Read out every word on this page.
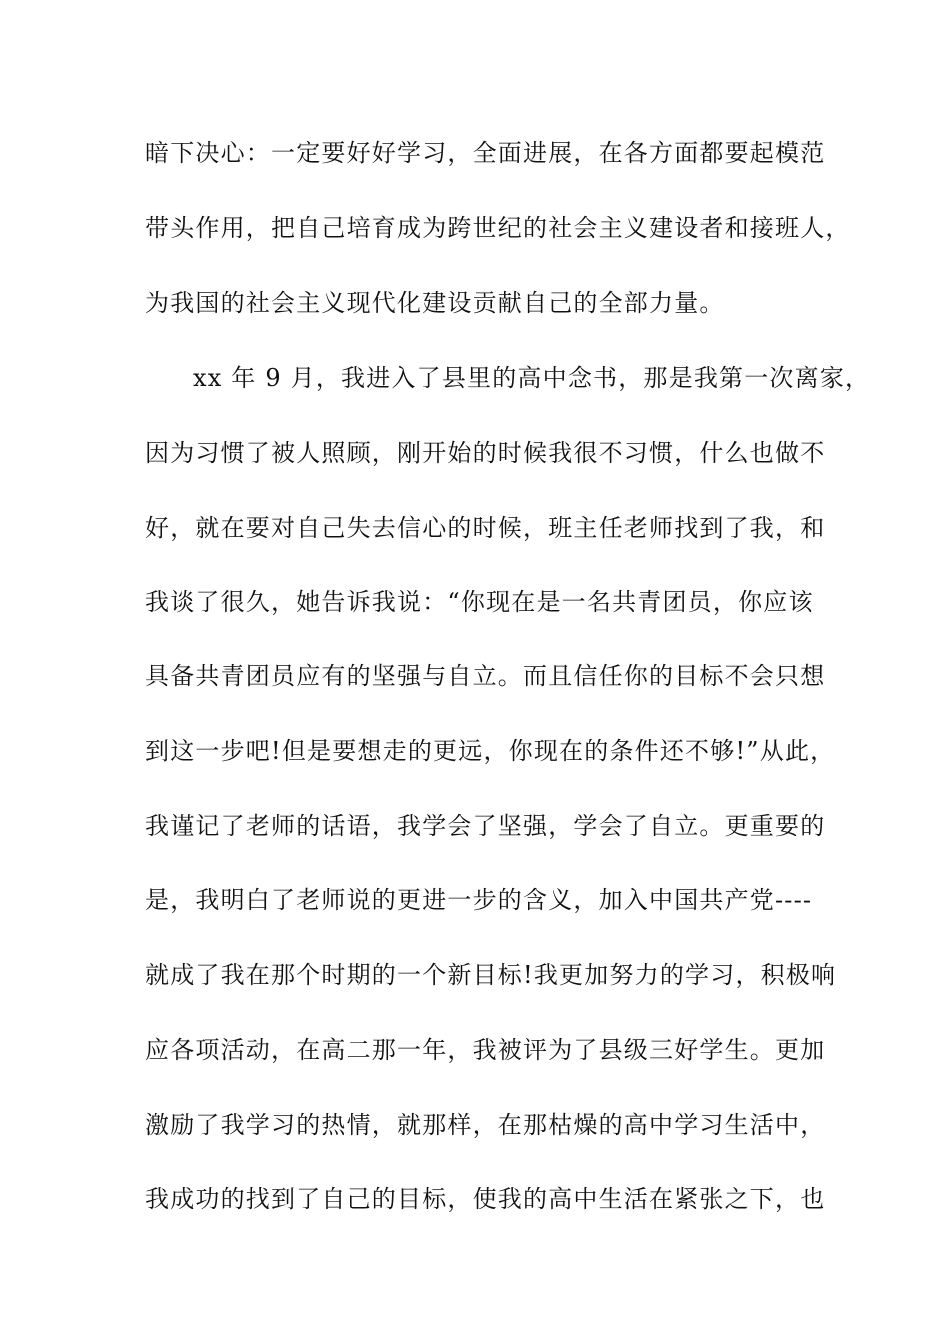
暗下决心：一定要好好学习，全面进展，在各方面都要起模范
带头作用，把自己培育成为跨世纪的社会主义建设者和接班人，
为我国的社会主义现代化建设贡献自己的全部力量。
xx 年 9 月，我进入了县里的高中念书，那是我第一次离家，
因为习惯了被人照顾，刚开始的时候我很不习惯，什么也做不
好，就在要对自己失去信心的时候，班主任老师找到了我，和
我谈了很久，她告诉我说：“你现在是一名共青团员，你应该
具备共青团员应有的坚强与自立。而且信任你的目标不会只想
到这一步吧!但是要想走的更远，你现在的条件还不够!”从此，
我谨记了老师的话语，我学会了坚强，学会了自立。更重要的
是，我明白了老师说的更进一步的含义，加入中国共产党----
就成了我在那个时期的一个新目标!我更加努力的学习，积极响
应各项活动，在高二那一年，我被评为了县级三好学生。更加
激励了我学习的热情，就那样，在那枯燥的高中学习生活中，
我成功的找到了自己的目标，使我的高中生活在紧张之下，也
